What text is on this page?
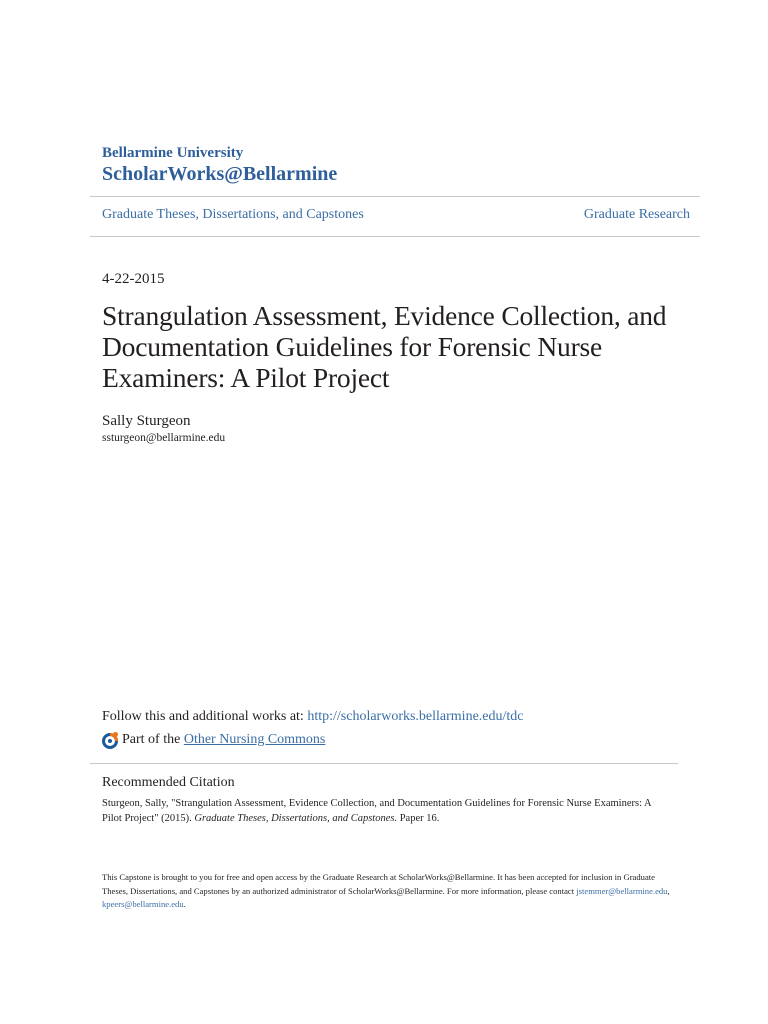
Bellarmine University
ScholarWorks@Bellarmine
Graduate Theses, Dissertations, and Capstones	Graduate Research
4-22-2015
Strangulation Assessment, Evidence Collection, and Documentation Guidelines for Forensic Nurse Examiners: A Pilot Project
Sally Sturgeon
ssturgeon@bellarmine.edu
Follow this and additional works at: http://scholarworks.bellarmine.edu/tdc
Part of the
Other Nursing Commons
Recommended Citation
Sturgeon, Sally, "Strangulation Assessment, Evidence Collection, and Documentation Guidelines for Forensic Nurse Examiners: A Pilot Project" (2015). Graduate Theses, Dissertations, and Capstones. Paper 16.
This Capstone is brought to you for free and open access by the Graduate Research at ScholarWorks@Bellarmine. It has been accepted for inclusion in Graduate Theses, Dissertations, and Capstones by an authorized administrator of ScholarWorks@Bellarmine. For more information, please contact jstemmer@bellarmine.edu, kpeers@bellarmine.edu.
